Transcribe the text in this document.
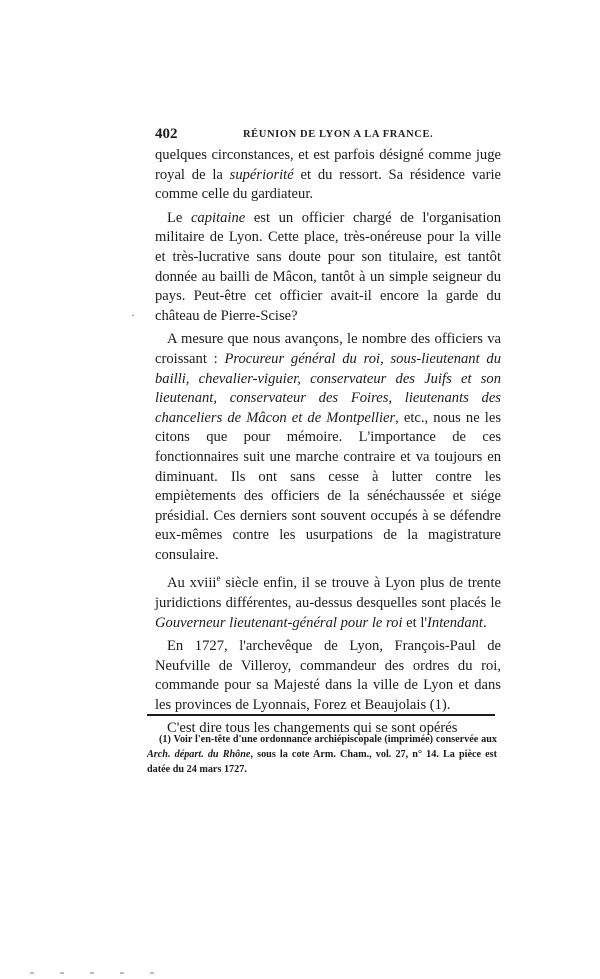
402	RÉUNION DE LYON A LA FRANCE.
·

quelques circonstances, et est parfois désigné comme juge royal de la supériorité et du ressort. Sa résidence varie comme celle du gardiateur.

Le capitaine est un officier chargé de l'organisation militaire de Lyon. Cette place, très-onéreuse pour la ville et très-lucrative sans doute pour son titulaire, est tantôt donnée au bailli de Mâcon, tantôt à un simple seigneur du pays. Peut-être cet officier avait-il encore la garde du château de Pierre-Scise?

A mesure que nous avançons, le nombre des officiers va croissant : Procureur général du roi, sous-lieutenant du bailli, chevalier-viguier, conservateur des Juifs et son lieutenant, conservateur des Foires, lieutenants des chanceliers de Mâcon et de Montpellier, etc., nous ne les citons que pour mémoire. L'importance de ces fonctionnaires suit une marche contraire et va toujours en diminuant. Ils ont sans cesse à lutter contre les empiètements des officiers de la sénéchaussée et siége présidial. Ces derniers sont souvent occupés à se défendre eux-mêmes contre les usurpations de la magistrature consulaire.

Au xviii$^e$ siècle enfin, il se trouve à Lyon plus de trente juridictions différentes, au-dessus desquelles sont placés le Gouverneur lieutenant-général pour le roi et l'Intendant.

En 1727, l'archevêque de Lyon, François-Paul de Neufville de Villeroy, commandeur des ordres du roi, commande pour sa Majesté dans la ville de Lyon et dans les provinces de Lyonnais, Forez et Beaujolais (1).

C'est dire tous les changements qui se sont opérés

(1) Voir l'en-tête d'une ordonnance archiépiscopale (imprimée) conservée aux Arch. départ. du Rhône, sous la cote Arm. Cham., vol. 27, n° 14. La pièce est datée du 24 mars 1727.
